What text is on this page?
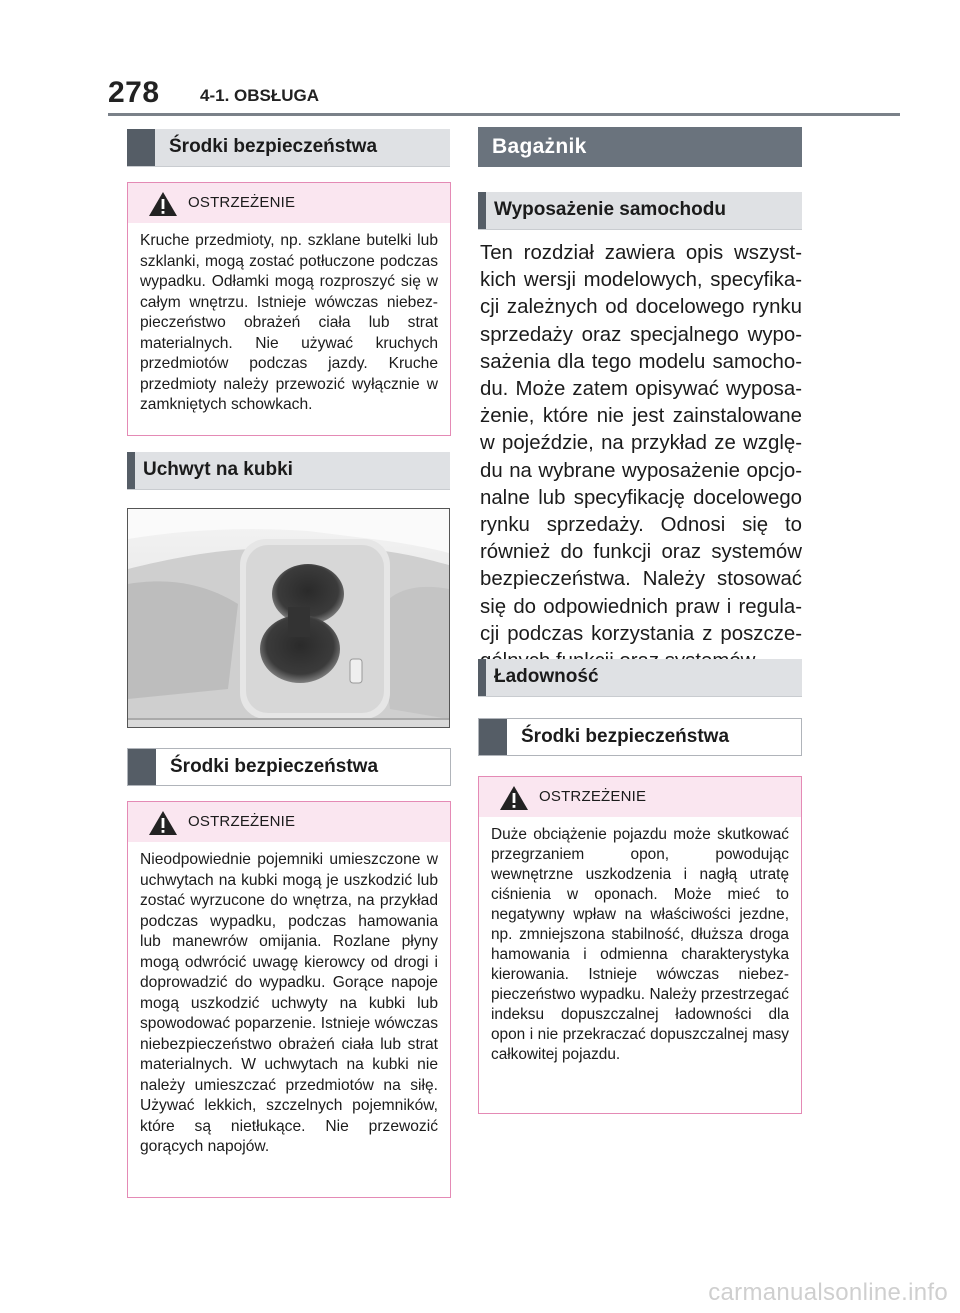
278 4-1. OBSŁUGA
Środki bezpieczeństwa
OSTRZEŻENIE
Kruche przedmioty, np. szklane butelki lub szklanki, mogą zostać potłuczone podczas wypadku. Odłamki mogą rozproszyć się w całym wnętrzu. Istnieje wówczas niebezpieczeństwo obrażeń ciała lub strat materialnych. Nie używać kruchych przedmiotów podczas jazdy. Kruche przedmioty należy przewozić wyłącznie w zamkniętych schowkach.
Uchwyt na kubki
Środki bezpieczeństwa
OSTRZEŻENIE
Nieodpowiednie pojemniki umieszczone w uchwytach na kubki mogą je uszkodzić lub zostać wyrzucone do wnętrza, na przykład podczas wypadku, podczas hamowania lub manewrów omijania. Rozlane płyny mogą odwrócić uwagę kierowcy od drogi i doprowadzić do wypadku. Gorące napoje mogą uszkodzić uchwyty na kubki lub spowodować poparzenie. Istnieje wówczas niebezpieczeństwo obrażeń ciała lub strat materialnych. W uchwytach na kubki nie należy umieszczać przedmiotów na siłę. Używać lekkich, szczelnych pojemników, które są nietłukące. Nie przewozić gorących napojów.
Bagażnik
Wyposażenie samochodu
Ten rozdział zawiera opis wszystkich wersji modelowych, specyfikacji zależnych od docelowego rynku sprzedaży oraz specjalnego wyposażenia dla tego modelu samochodu. Może zatem opisywać wyposażenie, które nie jest zainstalowane w pojeździe, na przykład ze względu na wybrane wyposażenie opcjonalne lub specyfikację docelowego rynku sprzedaży. Odnosi się to również do funkcji oraz systemów bezpieczeństwa. Należy stosować się do odpowiednich praw i regulacji podczas korzystania z poszcze
Ładowność
Środki bezpieczeństwa
OSTRZEŻENIE
Duże obciążenie pojazdu może skutkować przegrzaniem opon, powodując wewnętrzne uszkodzenia i nagłą utratę ciśnienia w oponach. Może mieć to negatywny wpław na właściwości jezdne, np. zmniejszona stabilność, dłuższa droga hamowania i odmienna charakterystyka kierowania. Istnieje wówczas niebezpieczeństwo wypadku. Należy przestrzegać indeksu dopuszczalnej ładowności dla opon i nie przekraczać dopuszczalnej masy całkowitej pojazdu.
carmanualsonline.info
